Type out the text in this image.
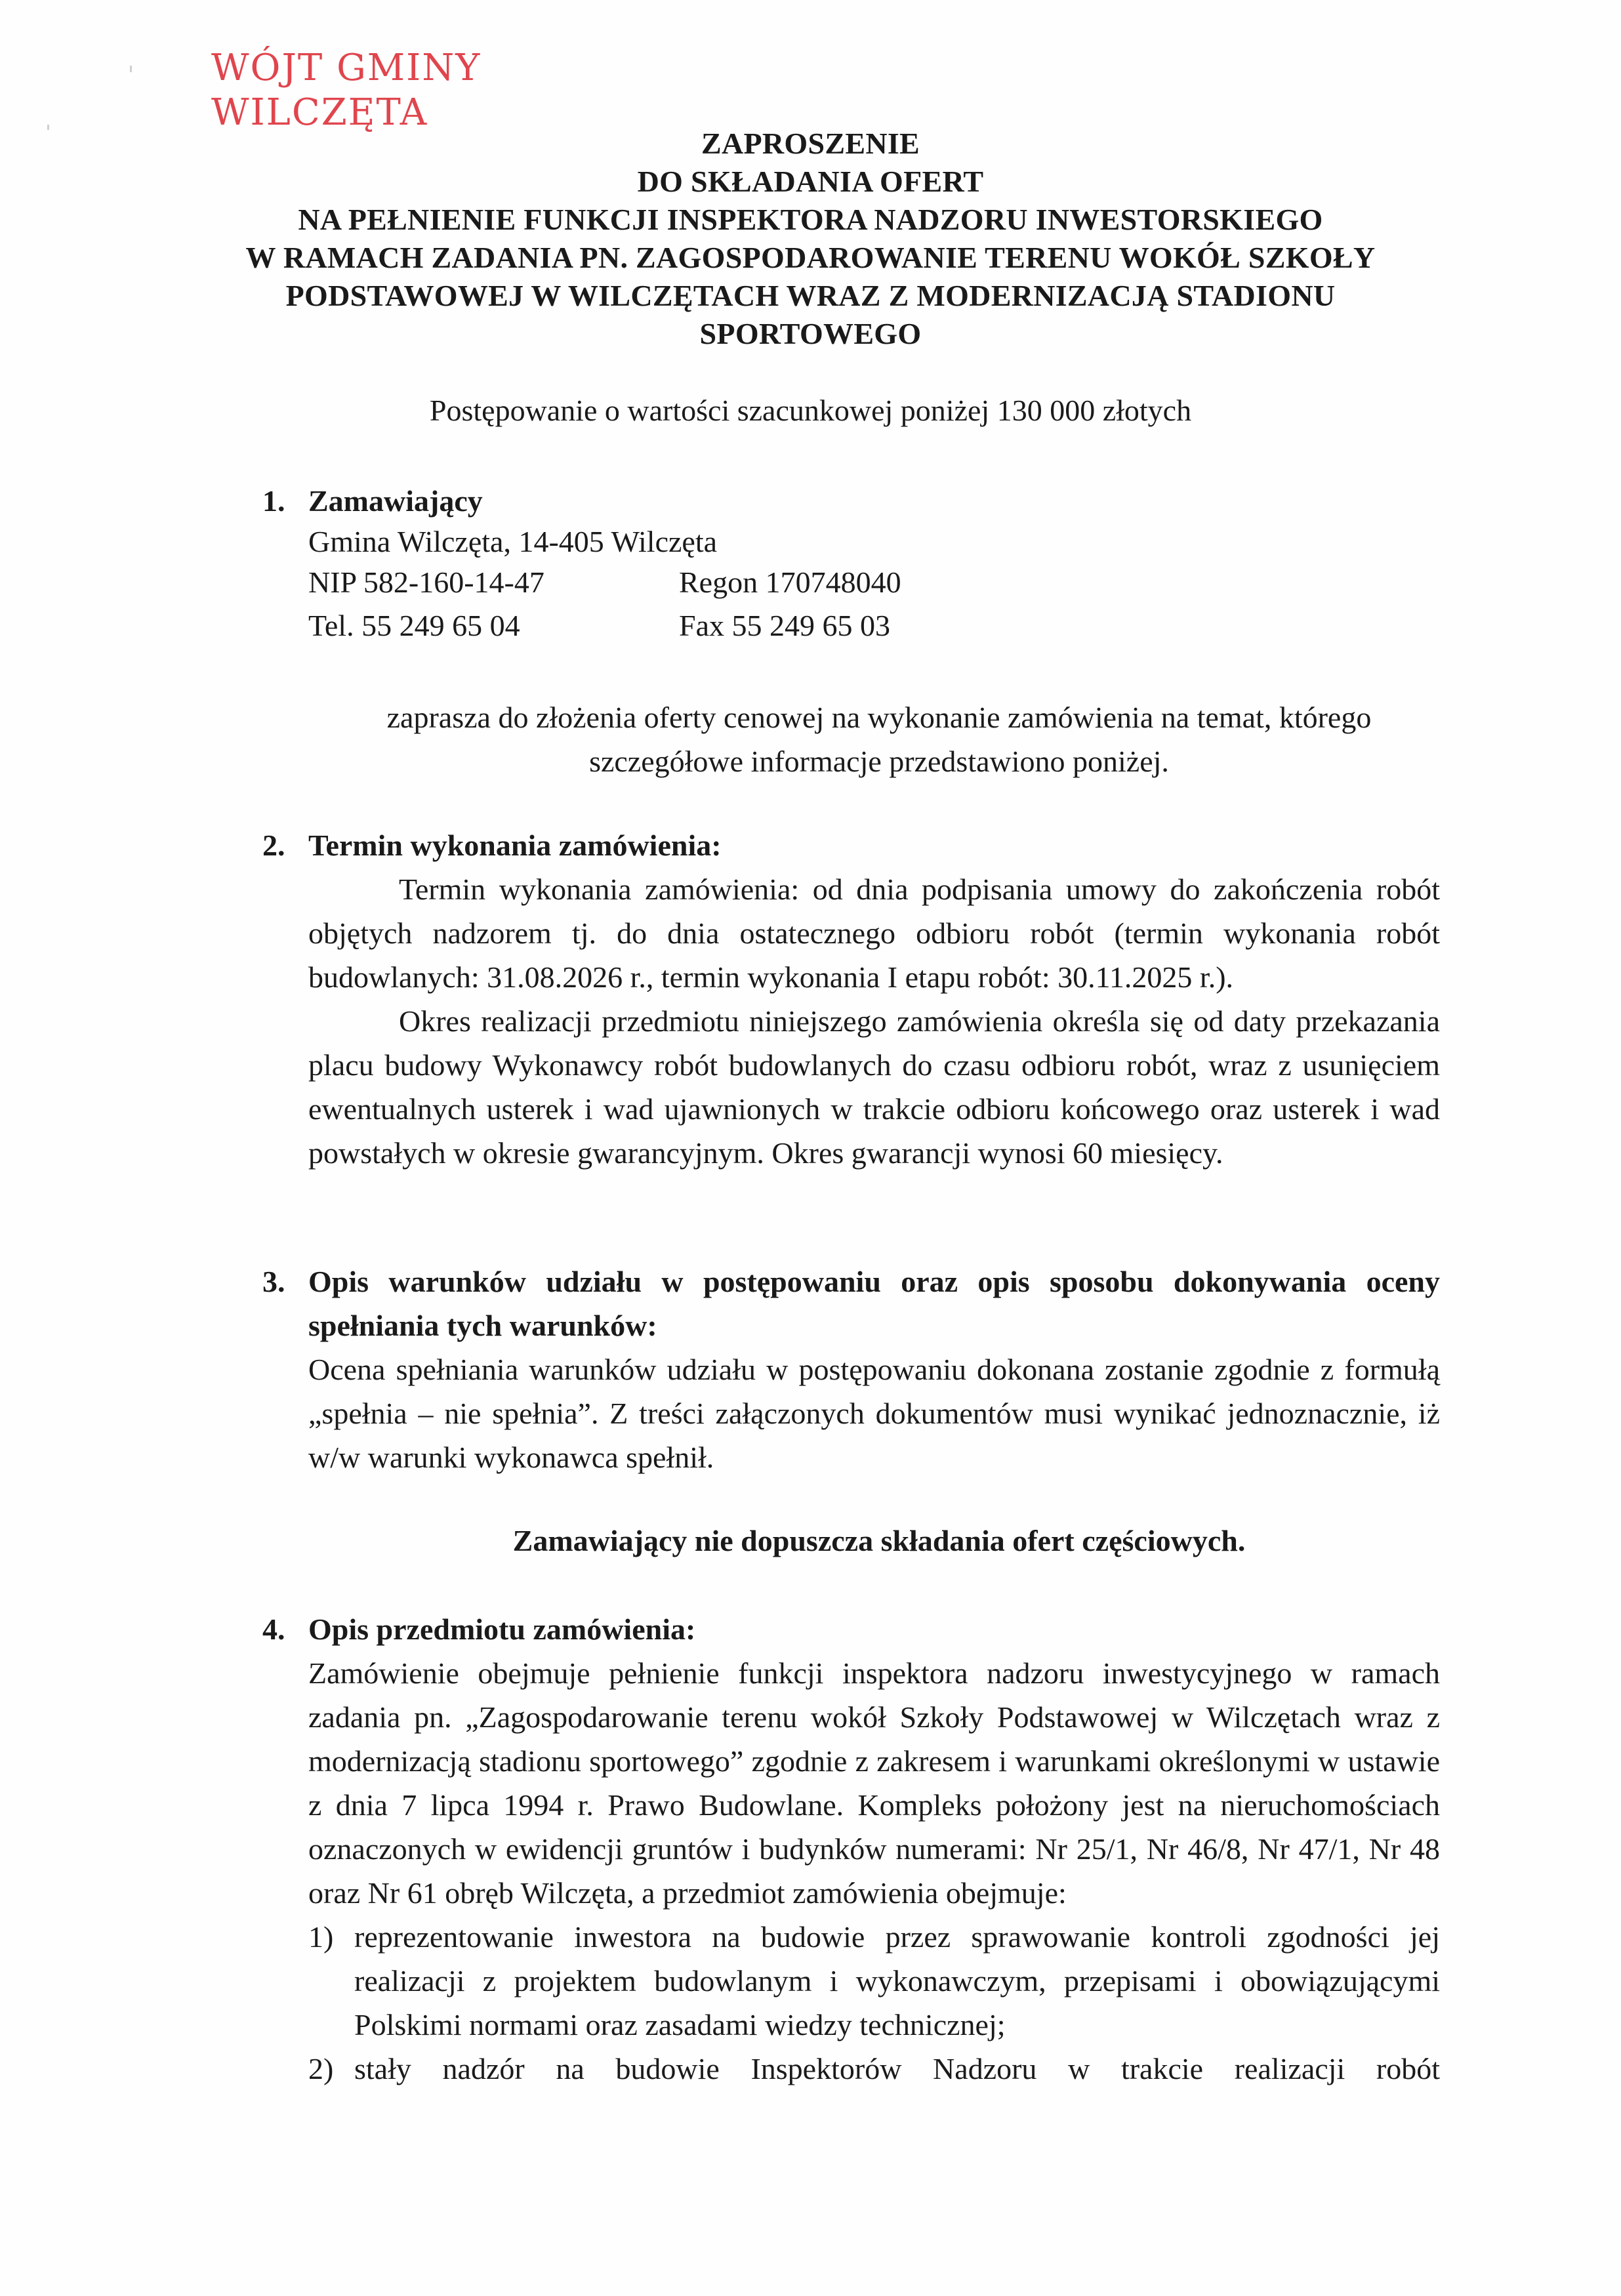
WÓJT GMINY
WILCZĘTA
ZAPROSZENIE
DO SKŁADANIA OFERT
NA PEŁNIENIE FUNKCJI INSPEKTORA NADZORU INWESTORSKIEGO
W RAMACH ZADANIA PN. ZAGOSPODAROWANIE TERENU WOKÓŁ SZKOŁY
PODSTAWOWEJ W WILCZĘTACH WRAZ Z MODERNIZACJĄ STADIONU
SPORTOWEGO
Postępowanie o wartości szacunkowej poniżej 130 000 złotych
1. Zamawiający
Gmina Wilczęta, 14-405 Wilczęta
NIP 582-160-14-47	Regon 170748040
Tel. 55 249 65 04	Fax 55 249 65 03
zaprasza do złożenia oferty cenowej na wykonanie zamówienia na temat, którego
szczegółowe informacje przedstawiono poniżej.
2. Termin wykonania zamówienia:

Termin wykonania zamówienia: od dnia podpisania umowy do zakończenia robót objętych nadzorem tj. do dnia ostatecznego odbioru robót (termin wykonania robót budowlanych: 31.08.2026 r., termin wykonania I etapu robót: 30.11.2025 r.).

Okres realizacji przedmiotu niniejszego zamówienia określa się od daty przekazania placu budowy Wykonawcy robót budowlanych do czasu odbioru robót, wraz z usunięciem ewentualnych usterek i wad ujawnionych w trakcie odbioru końcowego oraz usterek i wad powstałych w okresie gwarancyjnym. Okres gwarancji wynosi 60 miesięcy.

3. Opis warunków udziału w postępowaniu oraz opis sposobu dokonywania oceny spełniania tych warunków:

Ocena spełniania warunków udziału w postępowaniu dokonana zostanie zgodnie z formułą „spełnia – nie spełnia”. Z treści załączonych dokumentów musi wynikać jednoznacznie, iż w/w warunki wykonawca spełnił.

Zamawiający nie dopuszcza składania ofert częściowych.
4. Opis przedmiotu zamówienia:

Zamówienie obejmuje pełnienie funkcji inspektora nadzoru inwestycyjnego w ramach zadania pn. „Zagospodarowanie terenu wokół Szkoły Podstawowej w Wilczętach wraz z modernizacją stadionu sportowego” zgodnie z zakresem i warunkami określonymi w ustawie z dnia 7 lipca 1994 r. Prawo Budowlane. Kompleks położony jest na nieruchomościach oznaczonych w ewidencji gruntów i budynków numerami: Nr 25/1, Nr 46/8, Nr 47/1, Nr 48 oraz Nr 61 obręb Wilczęta, a przedmiot zamówienia obejmuje:

1) reprezentowanie inwestora na budowie przez sprawowanie kontroli zgodności jej realizacji z projektem budowlanym i wykonawczym, przepisami i obowiązującymi Polskimi normami oraz zasadami wiedzy technicznej;
2) stały nadzór na budowie Inspektorów Nadzoru w trakcie realizacji robót
